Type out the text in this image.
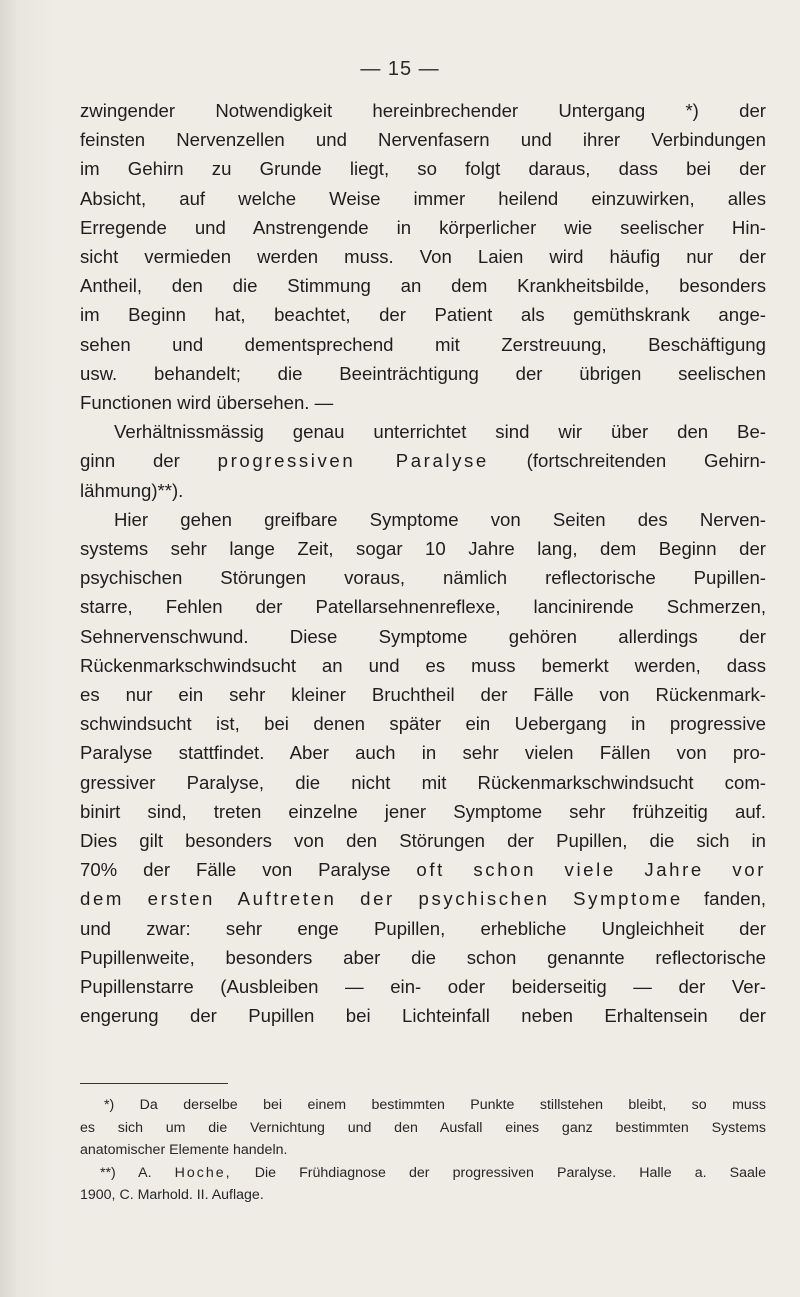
— 15 —
zwingender Notwendigkeit hereinbrechender Untergang *) der
feinsten Nervenzellen und Nervenfasern und ihrer Verbindungen
im Gehirn zu Grunde liegt, so folgt daraus, dass bei der
Absicht, auf welche Weise immer heilend einzuwirken, alles
Erregende und Anstrengende in körperlicher wie seelischer Hin-
sicht vermieden werden muss. Von Laien wird häufig nur der
Antheil, den die Stimmung an dem Krankheitsbilde, besonders
im Beginn hat, beachtet, der Patient als gemüthskrank ange-
sehen und dementsprechend mit Zerstreuung, Beschäftigung
usw. behandelt; die Beeinträchtigung der übrigen seelischen
Functionen wird übersehen. —
Verhältnissmässig genau unterrichtet sind wir über den Be-
ginn der progressiven Paralyse (fortschreitenden Gehirn-
lähmung)**).
Hier gehen greifbare Symptome von Seiten des Nerven-
systems sehr lange Zeit, sogar 10 Jahre lang, dem Beginn der
psychischen Störungen voraus, nämlich reflectorische Pupillen-
starre, Fehlen der Patellarsehnenreflexe, lancinirende Schmerzen,
Sehnervenschwund. Diese Symptome gehören allerdings der
Rückenmarkschwindsucht an und es muss bemerkt werden, dass
es nur ein sehr kleiner Bruchtheil der Fälle von Rückenmark-
schwindsucht ist, bei denen später ein Uebergang in progressive
Paralyse stattfindet. Aber auch in sehr vielen Fällen von pro-
gressiver Paralyse, die nicht mit Rückenmarkschwindsucht com-
binirt sind, treten einzelne jener Symptome sehr frühzeitig auf.
Dies gilt besonders von den Störungen der Pupillen, die sich in
70% der Fälle von Paralyse oft schon viele Jahre vor
dem ersten Auftreten der psychischen Symptome fanden,
und zwar: sehr enge Pupillen, erhebliche Ungleichheit der
Pupillenweite, besonders aber die schon genannte reflectorische
Pupillenstarre (Ausbleiben — ein- oder beiderseitig — der Ver-
engerung der Pupillen bei Lichteinfall neben Erhaltensein der
*) Da derselbe bei einem bestimmten Punkte stillstehen bleibt, so muss
es sich um die Vernichtung und den Ausfall eines ganz bestimmten Systems
anatomischer Elemente handeln.
**) A. Hoche, Die Frühdiagnose der progressiven Paralyse. Halle a. Saale
1900, C. Marhold. II. Auflage.
